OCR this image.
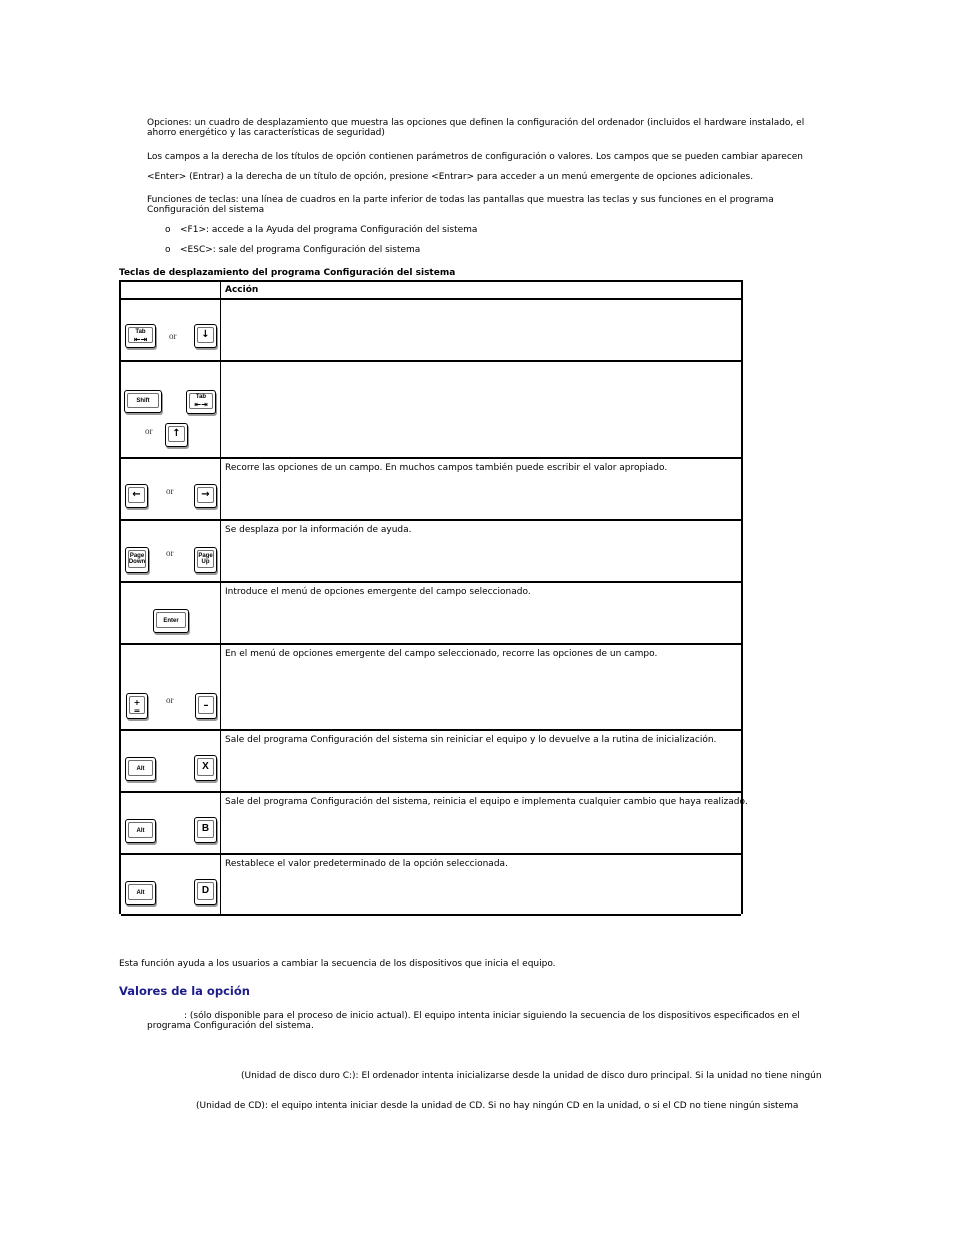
Opciones: un cuadro de desplazamiento que muestra las opciones que definen la configuración del ordenador (incluidos el hardware instalado, el
ahorro energético y las características de seguridad)
Los campos a la derecha de los títulos de opción contienen parámetros de configuración o valores. Los campos que se pueden cambiar aparecen
<Enter> (Entrar) a la derecha de un título de opción, presione <Entrar> para acceder a un menú emergente de opciones adicionales.
Funciones de teclas: una línea de cuadros en la parte inferior de todas las pantallas que muestra las teclas y sus funciones en el programa
Configuración del sistema
o <F1>: accede a la Ayuda del programa Configuración del sistema
o <ESC>: sale del programa Configuración del sistema
Teclas de desplazamiento del programa Configuración del sistema
Acción
Tab
⇤⇥	or	↓
Shift
Tab
⇤⇥
or	↑
←	or	→
Recorre las opciones de un campo. En muchos campos también puede escribir el valor apropiado.
Page Down
or	Page Up
Se desplaza por la información de ayuda.
Enter
Introduce el menú de opciones emergente del campo seleccionado.
+ =
or	–
En el menú de opciones emergente del campo seleccionado, recorre las opciones de un campo.
Alt	X
Sale del programa Configuración del sistema sin reiniciar el equipo y lo devuelve a la rutina de inicialización.
Alt	B
Sale del programa Configuración del sistema, reinicia el equipo e implementa cualquier cambio que haya realizado.
Alt	D
Restablece el valor predeterminado de la opción seleccionada.
Esta función ayuda a los usuarios a cambiar la secuencia de los dispositivos que inicia el equipo.
Valores de la opción
: (sólo disponible para el proceso de inicio actual). El equipo intenta iniciar siguiendo la secuencia de los dispositivos especificados en el
programa Configuración del sistema.
(Unidad de disco duro C:): El ordenador intenta inicializarse desde la unidad de disco duro principal. Si la unidad no tiene ningún
(Unidad de CD): el equipo intenta iniciar desde la unidad de CD. Si no hay ningún CD en la unidad, o si el CD no tiene ningún sistema
